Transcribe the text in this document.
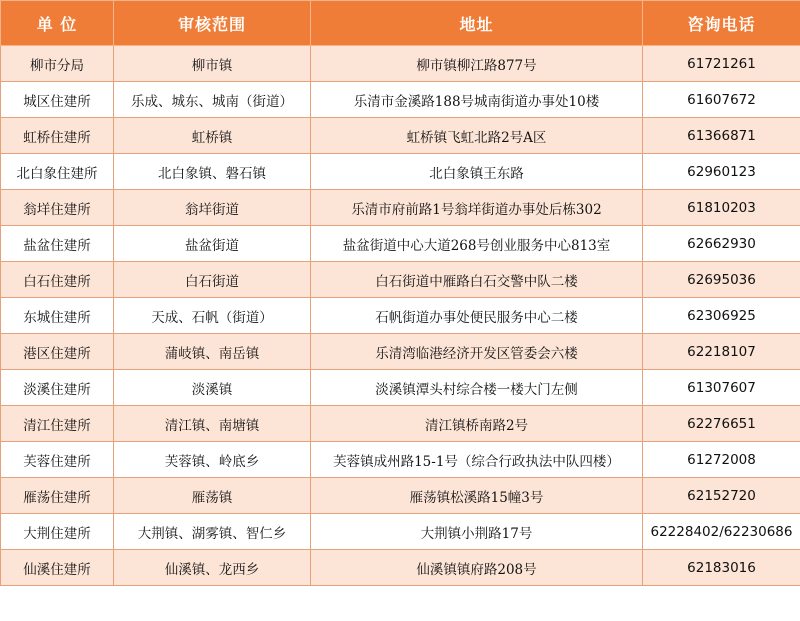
单 位	审核范围	地址	咨询电话
柳市分局	柳市镇	柳市镇柳江路877号	61721261
城区住建所	乐成、城东、城南（街道）	乐清市金溪路188号城南街道办事处10楼	61607672
虹桥住建所	虹桥镇	虹桥镇飞虹北路2号A区	61366871
北白象住建所	北白象镇、磐石镇	北白象镇王东路	62960123
翁垟住建所	翁垟街道	乐清市府前路1号翁垟街道办事处后栋302	61810203
盐盆住建所	盐盆街道	盐盆街道中心大道268号创业服务中心813室	62662930
白石住建所	白石街道	白石街道中雁路白石交警中队二楼	62695036
东城住建所	天成、石帆（街道）	石帆街道办事处便民服务中心二楼	62306925
港区住建所	蒲岐镇、南岳镇	乐清湾临港经济开发区管委会六楼	62218107
淡溪住建所	淡溪镇	淡溪镇潭头村综合楼一楼大门左侧	61307607
清江住建所	清江镇、南塘镇	清江镇桥南路2号	62276651
芙蓉住建所	芙蓉镇、岭底乡	芙蓉镇成州路15-1号（综合行政执法中队四楼）	61272008
雁荡住建所	雁荡镇	雁荡镇松溪路15幢3号	62152720
大荆住建所	大荆镇、湖雾镇、智仁乡	大荆镇小荆路17号	62228402/62230686
仙溪住建所	仙溪镇、龙西乡	仙溪镇镇府路208号	62183016
